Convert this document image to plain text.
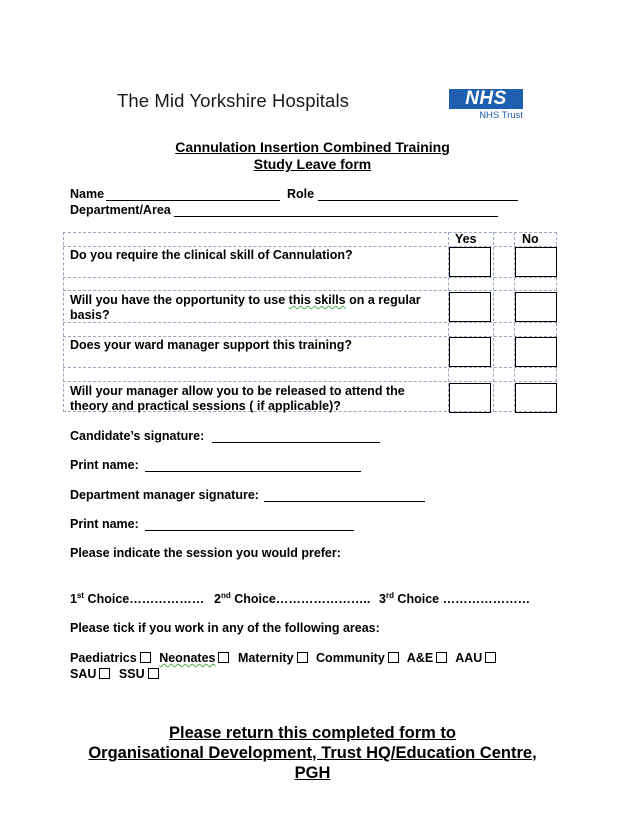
The Mid Yorkshire Hospitals	NHS
NHS Trust
Cannulation Insertion Combined Training
Study Leave form
Name	Role
Department/Area
Yes	No
Do you require the clinical skill of Cannulation?
Will you have the opportunity to use this skills on a regular basis?
Does your ward manager support this training?
Will your manager allow you to be released to attend the theory and practical sessions ( if applicable)?
Candidate’s signature:
Print name:
Department manager signature:
Print name:
Please indicate the session you would prefer:
1st Choice……………… 2nd Choice………………….. 3rd Choice …………………
Please tick if you work in any of the following areas:
Paediatrics Neonates Maternity Community A&E AAU
SAU SSU
Please return this completed form to
Organisational Development, Trust HQ/Education Centre,
PGH
